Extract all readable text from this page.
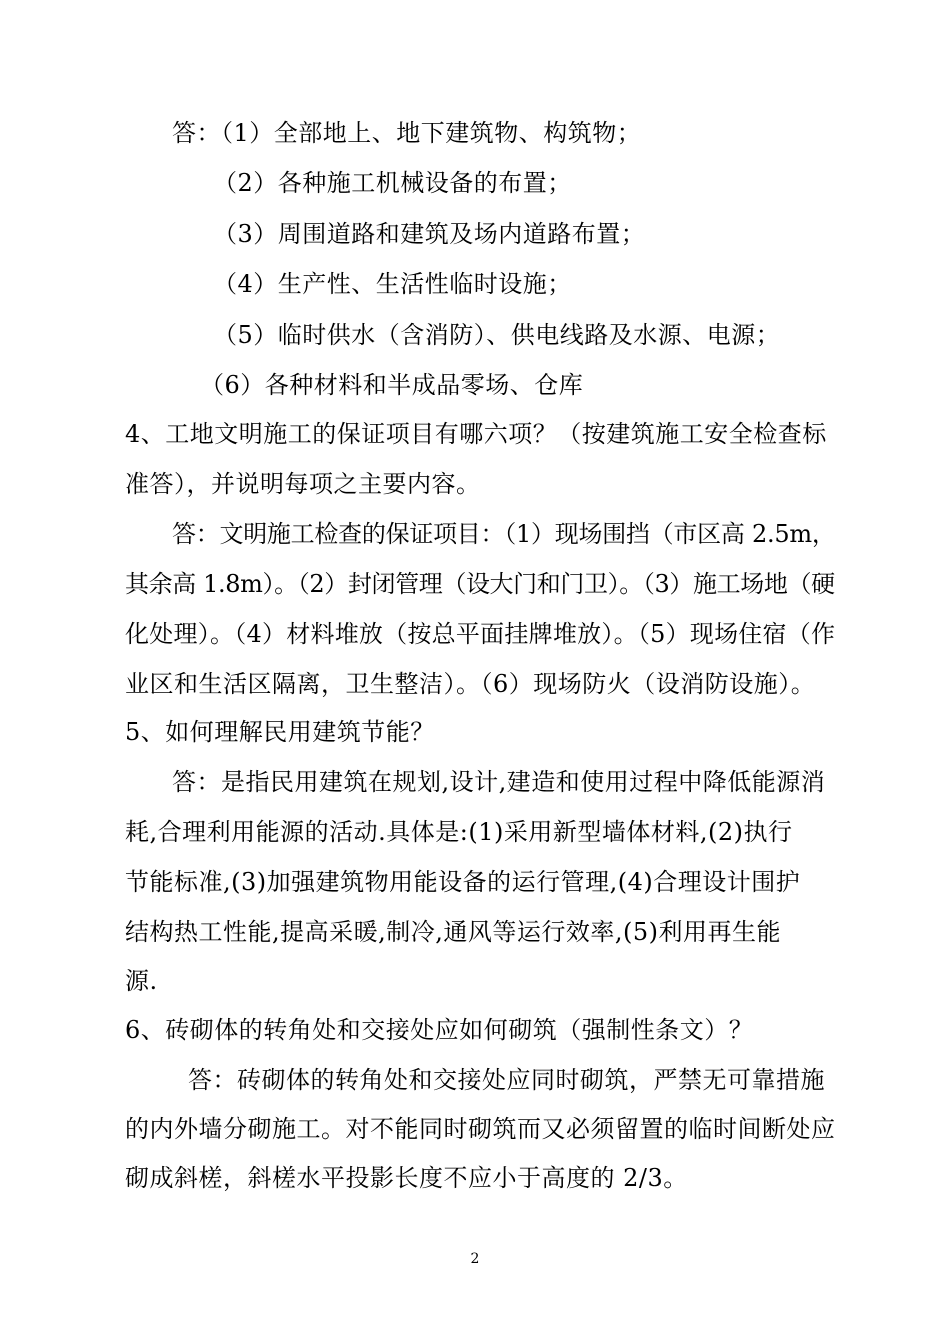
答：（1）全部地上、地下建筑物、构筑物；
（2）各种施工机械设备的布置；
（3）周围道路和建筑及场内道路布置；
（4）生产性、生活性临时设施；
（5）临时供水（含消防）、供电线路及水源、电源；
（6）各种材料和半成品零场、仓库
4、工地文明施工的保证项目有哪六项？（按建筑施工安全检查标
准答），并说明每项之主要内容。
答：文明施工检查的保证项目：（1）现场围挡（市区高 2.5m，
其余高 1.8m）。（2）封闭管理（设大门和门卫）。（3）施工场地（硬
化处理）。（4）材料堆放（按总平面挂牌堆放）。（5）现场住宿（作
业区和生活区隔离，卫生整洁）。（6）现场防火（设消防设施）。
5、如何理解民用建筑节能？
答：是指民用建筑在规划,设计,建造和使用过程中降低能源消
耗,合理利用能源的活动.具体是:(1)采用新型墙体材料,(2)执行
节能标准,(3)加强建筑物用能设备的运行管理,(4)合理设计围护
结构热工性能,提高采暖,制冷,通风等运行效率,(5)利用再生能
源.
6、砖砌体的转角处和交接处应如何砌筑（强制性条文）？
答：砖砌体的转角处和交接处应同时砌筑，严禁无可靠措施
的内外墙分砌施工。对不能同时砌筑而又必须留置的临时间断处应
砌成斜槎，斜槎水平投影长度不应小于高度的 2/3。
2
